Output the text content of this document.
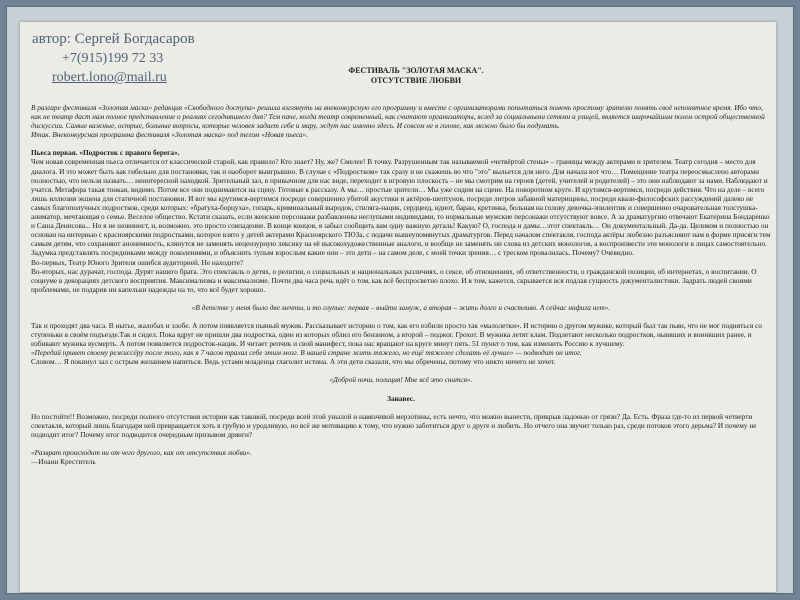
автор: Сергей Богдасаров
+7(915)199 72 33
robert.lono@mail.ru	ФЕСТИВАЛЬ "ЗОЛОТАЯ МАСКА".
ОТСУТСТВИЕ ЛЮБВИ

В разгаре фестиваля «Золотая маска» редакция «Свободного доступа» решила взглянуть на внеконкурсную его программу и вместе с организаторами попытаться помочь простому зрителю понять своё непонятное время. Ибо что, как не театр даст нам полное представление о реалиях сегодняшнего дня? Тем паче, когда театр современный, как считают организаторы, вслед за социальными сетями и улицей, является широчайшим полем острой общественной дискуссии. Самые важные, острые, больные вопросы, которые человек задает себе и миру, ждут нас именно здесь. И совсем не в голове, как можно было бы подумать.

Итак. Внеконкурсная программа фестиваля «Золотая маска» под тегом «Новая пьеса».

Пьеса первая. «Подросток с правого берега».

Чем новая современная пьеса отличается от классической старой, как правило? Кто знает? Ну, же? Смелее! В точку. Разрушенным так называемой «четвёртой стены» – границы между актерами и зрителем. Театр сегодня – место для диалога. И это может быть как гибельно для постановки, так и наоборот выигрышно. В случае с «Подростком» так сразу и не скажешь во что "это" выльется для него. Для начала вот что… Помещение театра переосмыслено авторами полностью, что нельзя назвать… неинтересной находкой. Зрительный зал, в привычном для нас виде, переходит в игровую плоскость – не мы смотрим на героев (детей, учителей и родителей) – это они наблюдают за нами. Наблюдают и учатся. Метафора такая тонкая, видимо. Потом все они поднимаются на сцену. Готовые к рассказу. А мы… простые зрители… Мы уже сидим на сцене. На поворотном круге. И крутимся-вертимся, посреди действия. Что на деле – всего лишь иллюзия экшена для статичной постановки. И вот мы крутимся-вертимся посреди совершенно убитой акустики и актёров-шептунов, посреди литров забавной материщины, посреди квази-философских рассуждений далеко не самых благополучных подростков, среди которых: «братуха-борцуха», гопарь, криминальный выродок, стиляга-нацик, сердцеед, идиот, баран, кретинка, больная на голову девочка-эпилептик и совершенно очаровательная толстушка-аниматор, мечтающая о семье. Веселое общество. Кстати сказать, если женские персонажи разбавленны неглупыми индивидами, то нормальные мужские персонажи отсутствуют вовсе. А за драматургию отвечают Екатерина Бондаренко и Саша Денисова... Но я не шовинист, и, возможно, это просто совпадение. В конце концов, я забыл сообщить вам одну важную деталь! Какую? О, господа и дамы…этот спектакль… Он документальный. Да-да. Целиком и полностью он основан на интервью с красноярскими подростками, которое взято у детей актерами Красноярского ТЮЗа, с подачи вышеупомянутых драматургов. Перед началом спектакля, господа актёры любезно разъясняют нам в форме присяги тем самым детям, что сохраняют анонимность, клянутся не заменять нецензурную лексику на её высокохудожественные аналоги, и вообще не заменять ни слова из детских монологов, а воспроизвести эти монологи в лицах самостоятельно. Задумка представлять посредниками между поколениями, и объяснить тупым взрослым какие они – это дети – на самом деле, с моей точки зрения… с треском провалилась. Почему? Очевидно.

Во-первых, Театр Юного Зрителя ошибся аудиторией. Не находите?

Во-вторых, нас дурачат, господа. Дурят нашего брата. Это спектакль о детях, о религии, о социальных и национальных различиях, о сексе, об отношениях, об ответственности, о гражданской позиции, об интернетах, о воспитании. О социуме в декорациях детского восприятия. Максимализма и максимализме. Почти два часа речь идёт о том, как всё беспросветно плохо. И в том, кажется, скрывается вся подлая сущность документалистики. Задрать людей своими проблемами, не подарив ни капельки надежды на то, что всё будет хорошо.

«В детстве у меня было две мечты, и то глупые: первая – выйти замуж, а вторая – жить долго и счастливо. А сейчас нифига нет».

Так и проходят два часа. В нытье, жалобах и злобе. А потом появляется пьяный мужик. Рассказывает историю о том, как его избили просто так «малолетки». И историю о другом мужике, который был так пьян, что не мог подняться со ступеньки в своём подъезде.Так и сидел. Пока вдруг не пришли два подростка, один из которых облил его бензином, а второй – поджог. Грохот. В мужика летят клам. Подлетают несколько подростков, ныввших и воинвших ранее, и избивают мужика вусмерть. А потом появляется подросток-нацик. И читает репчик и свой манифест, пока нас вращают на круге минут пять. 51 пункт о том, как изменить Россию к лучшему.

«Передай привет своему режиссёру после того, как я 7 часов трахал себе этим мозг. В нашей стране жить тяжело, но ещё тяжелее сделать её лучше» — подводит он итог.

Словом… Я покинул зал с острым желанием напиться. Ведь устами младенца глаголит истина. А эти дети сказали, что мы обречены, потому что никто ничего не хочет.

«Доброй ночи, полиция! Мне всё это снится».

Занавес.

Но постойте!! Возможно, посреди полного отсутствия истории как таковой, посреди всей этой унылой и навязчивой мерзотины, есть нечто, что можно вынести, прикрыв ладонью от грязи? Да. Есть. Фраза где-то из первой четверти спектакля, который лишь благодаря ней превращается хоть в грубую и уродливую, но всё же мотивацию к тому, что нужно заботиться друг о друге и любить. Но отчего она звучит только раз, среди потоков этого дерьма? И почему не подводит итог? Почему итог подводится очередным призывом дрянги?

«Разврат происходит ни от чего другого, как от отсутствия любви».

—Иоанн Креститель
